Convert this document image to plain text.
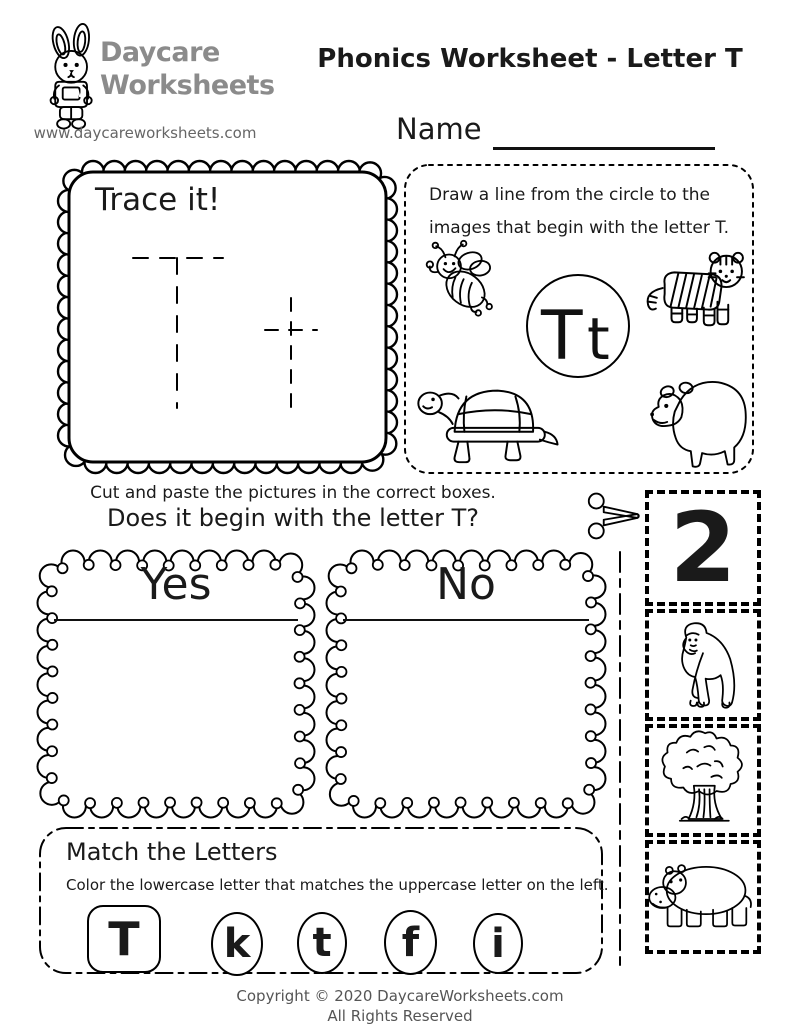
DW
Daycare
Worksheets
www.daycareworksheets.com
Phonics Worksheet - Letter T
Name
Trace it!	Draw a line from the circle to the
images that begin with the letter T.
T t
Cut and paste the pictures in the correct boxes.
Does it begin with the letter T?
Yes	No	2
Match the Letters
Color the lowercase letter that matches the uppercase letter on the left.
T	k	t	f	i
Copyright © 2020 DaycareWorksheets.com
All Rights Reserved
